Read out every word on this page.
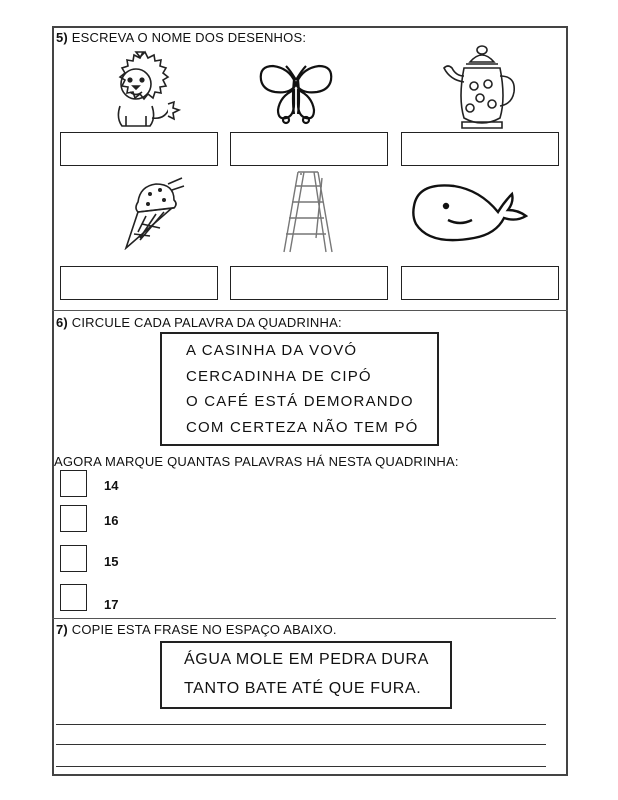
5) ESCREVA O NOME DOS DESENHOS:
6) CIRCULE CADA PALAVRA DA QUADRINHA:
A CASINHA DA VOVÓ
CERCADINHA DE CIPÓ
O CAFÉ ESTÁ DEMORANDO
COM CERTEZA NÃO TEM PÓ
AGORA MARQUE QUANTAS PALAVRAS HÁ NESTA QUADRINHA:
14
16
15
17
7) COPIE ESTA FRASE NO ESPAÇO ABAIXO.
ÁGUA MOLE EM PEDRA DURA
TANTO BATE ATÉ QUE FURA.
